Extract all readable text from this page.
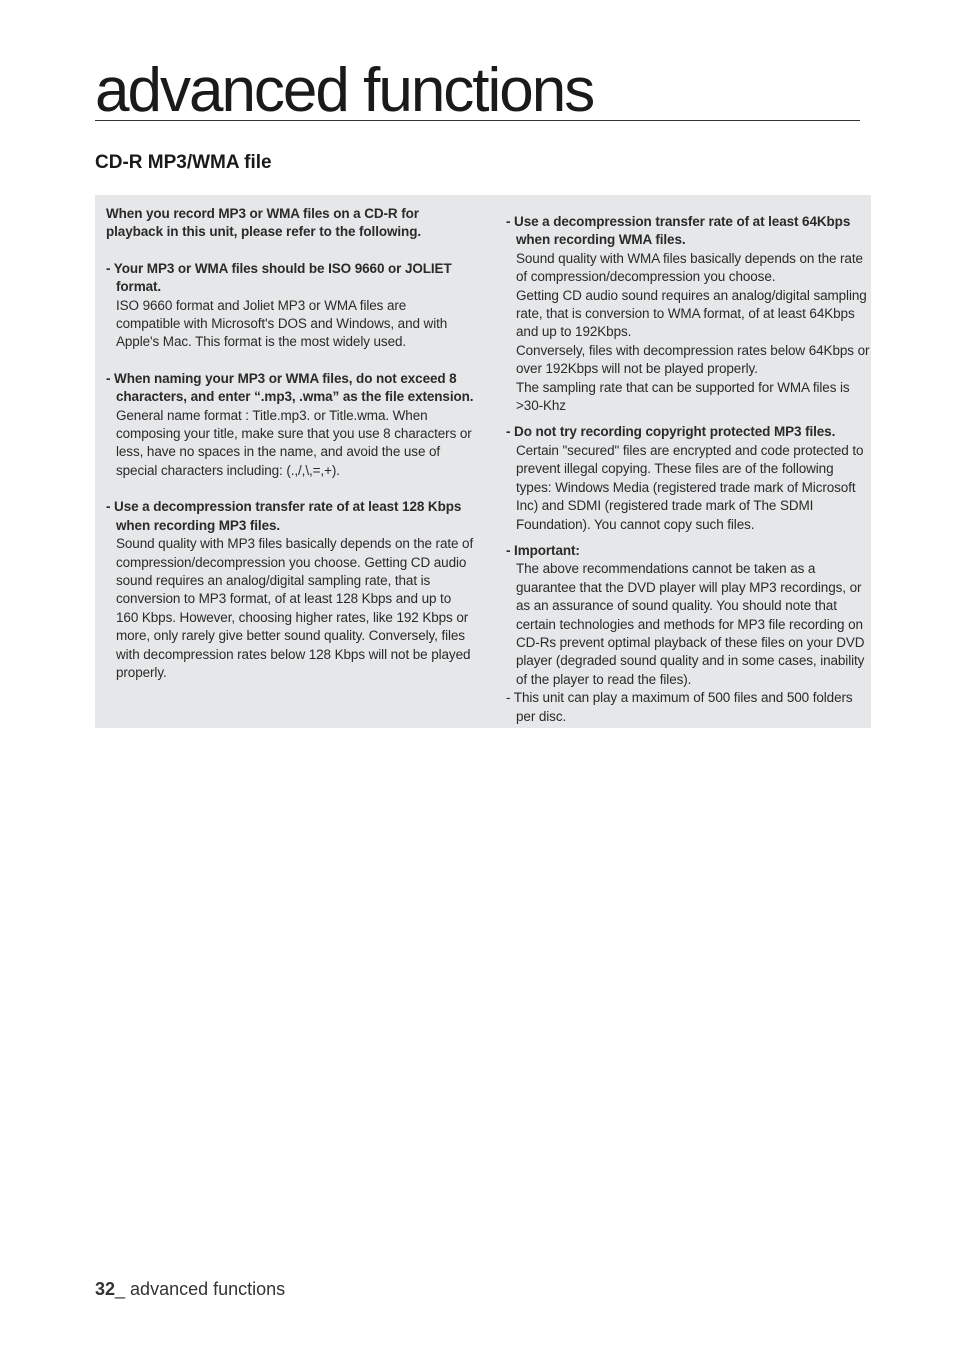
advanced functions
CD-R MP3/WMA file

When you record MP3 or WMA files on a CD-R for playback in this unit, please refer to the following.

- Your MP3 or WMA files should be ISO 9660 or JOLIET format.

ISO 9660 format and Joliet MP3 or WMA files are compatible with Microsoft's DOS and Windows, and with Apple's Mac. This format is the most widely used.

- When naming your MP3 or WMA files, do not exceed 8 characters, and enter “.mp3, .wma” as the file extension.

General name format : Title.mp3. or Title.wma. When composing your title, make sure that you use 8 characters or less, have no spaces in the name, and avoid the use of special characters including: (.,/,\,=,+).

- Use a decompression transfer rate of at least 128 Kbps when recording MP3 files.

Sound quality with MP3 files basically depends on the rate of compression/decompression you choose. Getting CD audio sound requires an analog/digital sampling rate, that is conversion to MP3 format, of at least 128 Kbps and up to 160 Kbps. However, choosing higher rates, like 192 Kbps or more, only rarely give better sound quality. Conversely, files with decompression rates below 128 Kbps will not be played properly.

- Use a decompression transfer rate of at least 64Kbps when recording WMA files.

Sound quality with WMA files basically depends on the rate of compression/decompression you choose.

Getting CD audio sound requires an analog/digital sampling rate, that is conversion to WMA format, of at least 64Kbps and up to 192Kbps.

Conversely, files with decompression rates below 64Kbps or over 192Kbps will not be played properly.

The sampling rate that can be supported for WMA files is >30-Khz

- Do not try recording copyright protected MP3 files.

Certain "secured" files are encrypted and code protected to prevent illegal copying. These files are of the following types: Windows Media (registered trade mark of Microsoft Inc) and SDMI (registered trade mark of The SDMI Foundation). You cannot copy such files.

- Important:

The above recommendations cannot be taken as a guarantee that the DVD player will play MP3 recordings, or as an assurance of sound quality. You should note that certain technologies and methods for MP3 file recording on CD-Rs prevent optimal playback of these files on your DVD player (degraded sound quality and in some cases, inability of the player to read the files).

- This unit can play a maximum of 500 files and 500 folders per disc.
32_ advanced functions
